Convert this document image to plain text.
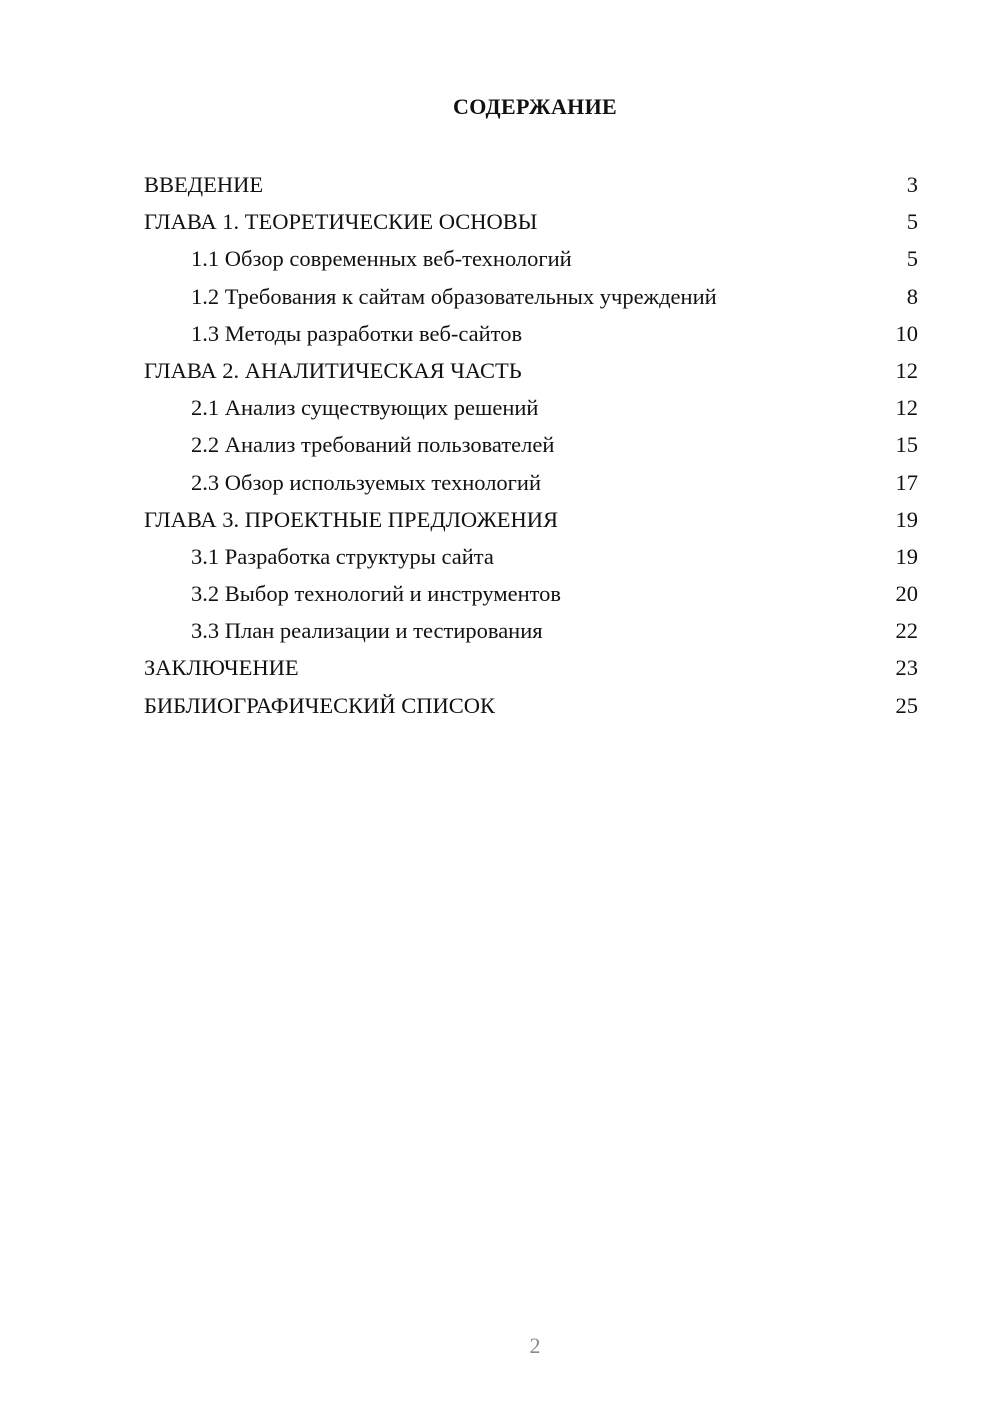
СОДЕРЖАНИЕ
ВВЕДЕНИЕ	3
ГЛАВА 1. ТЕОРЕТИЧЕСКИЕ ОСНОВЫ	5
1.1 Обзор современных веб-технологий	5
1.2 Требования к сайтам образовательных учреждений	8
1.3 Методы разработки веб-сайтов	10
ГЛАВА 2. АНАЛИТИЧЕСКАЯ ЧАСТЬ	12
2.1 Анализ существующих решений	12
2.2 Анализ требований пользователей	15
2.3 Обзор используемых технологий	17
ГЛАВА 3. ПРОЕКТНЫЕ ПРЕДЛОЖЕНИЯ	19
3.1 Разработка структуры сайта	19
3.2 Выбор технологий и инструментов	20
3.3 План реализации и тестирования	22
ЗАКЛЮЧЕНИЕ	23
БИБЛИОГРАФИЧЕСКИЙ СПИСОК	25
2
